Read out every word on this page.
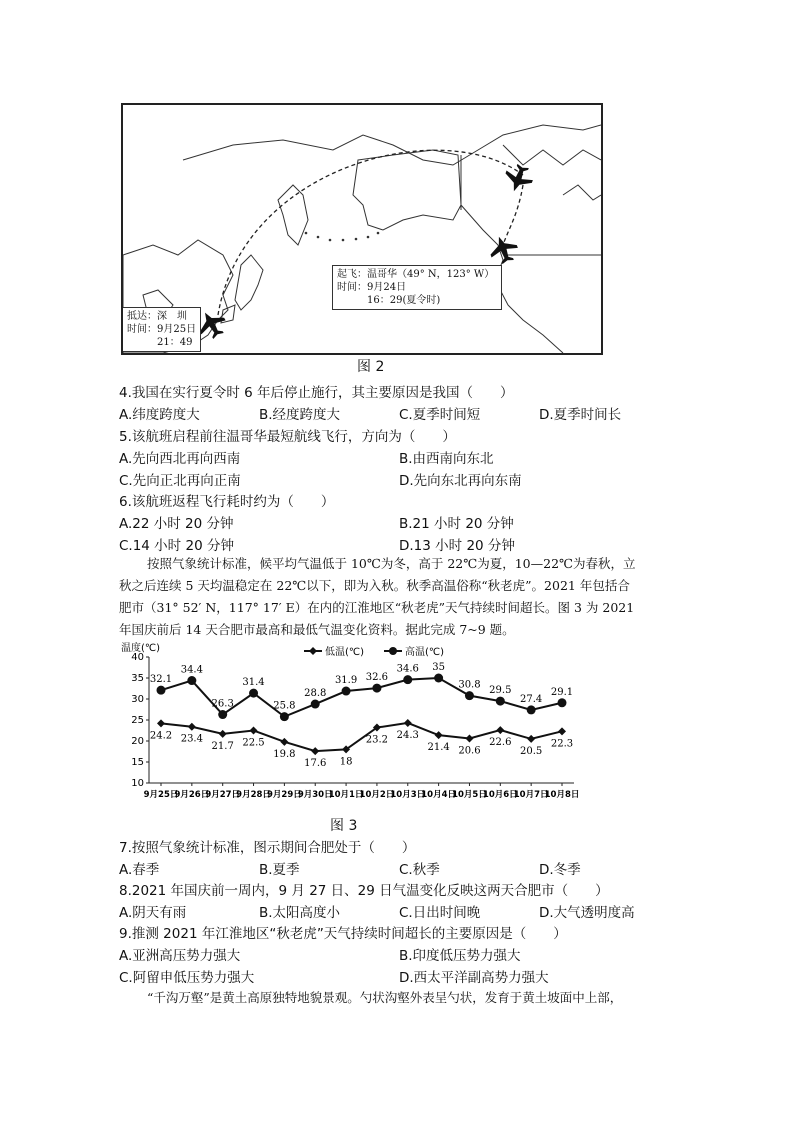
抵达：深　圳
时间：9月25日
21：49
起飞：温哥华（49° N，123° W）
时间：9月24日
16：29(夏令时)
图 2
4.我国在实行夏令时 6 年后停止施行，其主要原因是我国（　　）
A.纬度跨度大	B.经度跨度大	C.夏季时间短	D.夏季时间长
5.该航班启程前往温哥华最短航线飞行，方向为（　　）
A.先向西北再向西南	B.由西南向东北
C.先向正北再向正南	D.先向东北再向东南
6.该航班返程飞行耗时约为（　　）
A.22 小时 20 分钟	B.21 小时 20 分钟
C.14 小时 20 分钟	D.13 小时 20 分钟
按照气象统计标准，候平均气温低于 10℃为冬，高于 22℃为夏，10—22℃为春秋，立
秋之后连续 5 天均温稳定在 22℃以下，即为入秋。秋季高温俗称“秋老虎”。2021 年包括合
肥市（31° 52′ N，117° 17′ E）在内的江淮地区“秋老虎”天气持续时间超长。图 3 为 2021
年国庆前后 14 天合肥市最高和最低气温变化资料。据此完成 7~9 题。
温度(℃)
10
15
20
25
30
35
40
9月25日
9月26日
9月27日
9月28日
9月29日
9月30日
10月1日
10月2日
10月3日
10月4日
10月5日
10月6日
10月7日
10月8日
24.2 23.4
21.7 22.5
19.8
17.6 18
23.2 24.3
21.4 20.6
22.6
20.5
22.3
32.1
34.4
26.3
31.4
25.8
28.8
31.9 32.6
34.6 35
30.8 29.5
27.4
29.1
低温(℃)	高温(℃)
图 3
7.按照气象统计标准，图示期间合肥处于（　　）
A.春季	B.夏季	C.秋季	D.冬季
8.2021 年国庆前一周内，9 月 27 日、29 日气温变化反映这两天合肥市（　　）
A.阴天有雨	B.太阳高度小	C.日出时间晚	D.大气透明度高
9.推测 2021 年江淮地区“秋老虎”天气持续时间超长的主要原因是（　　）
A.亚洲高压势力强大	B.印度低压势力强大
C.阿留申低压势力强大	D.西太平洋副高势力强大
“千沟万壑”是黄土高原独特地貌景观。勺状沟壑外表呈勺状，发育于黄土坡面中上部，
